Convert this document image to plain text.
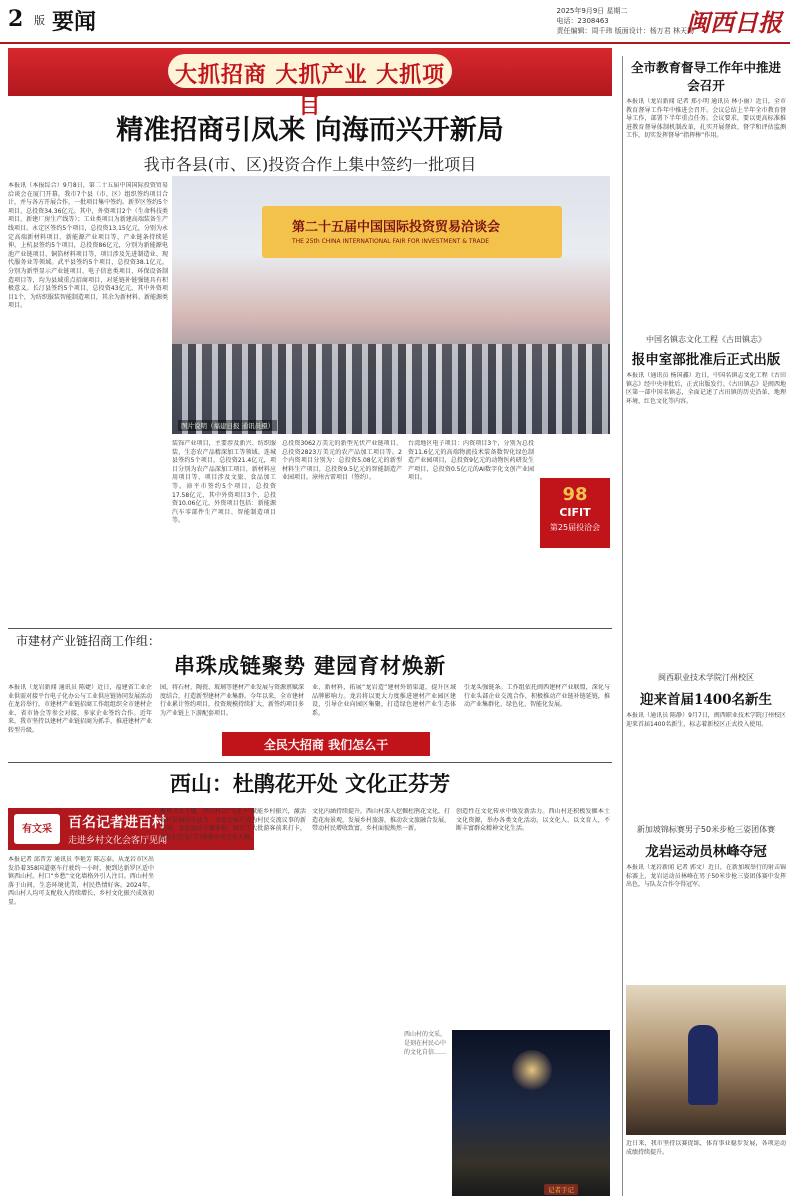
2 版 要闻	2025年9月9日 星期二
电话：2308463
责任编辑：周千玮 版面设计：杨万君 林天扬
闽西日报
大抓招商 大抓产业 大抓项目
精准招商引凤来 向海而兴开新局
我市各县(市、区)投资合作上集中签约一批项目
本报讯（本报综合）9月8日，第二十五届中国国际投资贸易洽谈会在厦门开幕，我市7个县（市、区）组织签约项目合计，并与各方开展合作，一批项目集中签约。新罗区签约5个项目，总投资34.36亿元。其中，外资项目2个（生命科技类项目，新建厂房生产线等）；工业类项目为新建高端装备生产线项目。永定区签约5个项目，总投资13.15亿元，分别为永定高端新材料项目、新能源产业项目等，产业链条持续延伸。上杭县签约5个项目，总投资86亿元，分别为新能源电池产业链项目、铜箔材料项目等，项目涉及先进制造业、现代服务业等领域。武平县签约5个项目，总投资38.1亿元，分别为新型显示产业链项目、电子信息类项目、环保设备制造项目等，均为县域重点招商项目，对延链补链强链具有积极意义。长汀县签约5个项目，总投资43亿元，其中外资项目1个，为纺织服装智能制造项目，其余为新材料、新能源类项目。
第二十五届中国国际投资贸易洽谈会
THE 25th CHINA INTERNATIONAL FAIR FOR INVESTMENT & TRADE
图片说明（福建日报 通讯员摄）
装饰产业项目，主要涉及新兴、纺织服装、生态农产品精深加工等领域。连城县签约5个项目，总投资21.4亿元，项目分别为农产品深加工项目、新材料应用项目等，项目涉及文旅、食品加工等。漳平市签约5个项目，总投资17.58亿元，其中外资项目3个，总投资10.06亿元，外资项目包括：新能源汽车零部件生产项目、智能制造项目等。
总投资3062万美元的新型光伏产业链项目、总投资2823万美元的农产品加工项目等。2个内资项目分别为：总投资5.08亿元的新型材料生产项目，总投资9.5亿元的智能制造产业园项目。漳州古雷项目（签约）。
台湾地区电子项目：内资项目3个，分别为总投资11.6亿元的高端物流技术装备数智化绿色制造产业园项目，总投资9亿元的动物医药研发生产项目，总投资0.5亿元的AI数字化文创产业园项目。
98
CIFIT
第25届投洽会
市建材产业链招商工作组：
串珠成链聚势 建园育材焕新
本报讯（龙岩新闻 通讯员 陈婕）近日，福建省工业企业供需对接平台电子化办公与工业供应链协同发展活动在龙岩举行，市建材产业链招商工作组组织全市建材企业、省市协会等参会对接，多家企业签约合作。近年来，我市坚持以建材产业链招商为抓手，推进建材产业转型升级。
园，将石材、陶瓷、玻璃等建材产业发展与资源禀赋深度结合，打造新型建材产业集群。今年以来，全市建材行业累计签约项目，投资规模持续扩大，新签约项目多为产业链上下游配套项目。
业、新材料，拓展“龙岩造”建材外销渠道，提升区域品牌影响力。龙岩将以更大力度推进建材产业园区建设，引导企业向园区集聚，打造绿色建材产业生态体系。
引龙头强链条。工作组依托闽西建材产业联盟，深化与行业头部企业交流合作，积极推动产业链补链延链，推动产业集群化、绿色化、智能化发展。
全民大招商 我们怎么干
西山：杜鹃花开处 文化正芬芳
有文采	百名记者进百村
走进乡村文化会客厅见闻
本报记者 邱晋芳 通讯员 李艳芳 陈志泰。从龙岩市区出发沿着358国道驱车行驶约一小时，便到达新罗区适中镇西山村。村口“乡愁”文化墙格外引人注目。西山村坐落于山间，生态环境优美，村民热情好客。2024年，西山村人均可支配收入持续增长，乡村文化振兴成效初显。
聚焦文化主题，西山村以“文化+”赋能乡村振兴，激活乡村发展内生动力，文化会客厅成为村民交流议事的新空间。文化活动丰富多彩，吸引了大批游客前来打卡，村民们在家门口就能享受文化大餐。
文化内涵持续提升，西山村深入挖掘杜鹃花文化，打造花海景观，发展乡村旅游，推动农文旅融合发展，带动村民增收致富，乡村面貌焕然一新。
创造性在文化传承中焕发新活力。西山村还积极发掘本土文化资源，举办各类文化活动，以文化人、以文育人，不断丰富群众精神文化生活。
西山村的文采，是刻在村民心中的文化自信……
记者手记
全市教育督导工作年中推进会召开
本报讯（龙岩新闻 记者 郑小明 通讯员 林小丽）近日，全市教育督导工作年中推进会召开。会议总结上半年全市教育督导工作，部署下半年重点任务。会议要求，要以更高标准推进教育督导体制机制改革，扎实开展督政、督学和评估监测工作，切实发挥督导“指挥棒”作用。
中国名镇志文化工程《古田镇志》
报申室部批准后正式出版
本报讯（通讯员 杨国鑫）近日，中国名镇志文化工程《古田镇志》经中央审批后，正式出版发行。《古田镇志》是闽西地区第一部中国名镇志，全面记述了古田镇的历史沿革、地理环境、红色文化等内容。
闽西职业技术学院汀州校区
迎来首届1400名新生
本报讯（通讯员 陈静）9月7日，闽西职业技术学院汀州校区迎来首届1400名新生，标志着新校区正式投入使用。
新加坡锦标赛男子50米步枪三姿团体赛
龙岩运动员林峰夺冠
本报讯（龙岩新闻 记者 郭文）近日，在新加坡举行的射击锦标赛上，龙岩运动员林峰在男子50米步枪三姿团体赛中发挥出色，与队友合作夺得冠军。
近日来，我市坚持以赛促练，体育事业稳步发展，各项运动成绩持续提升。
